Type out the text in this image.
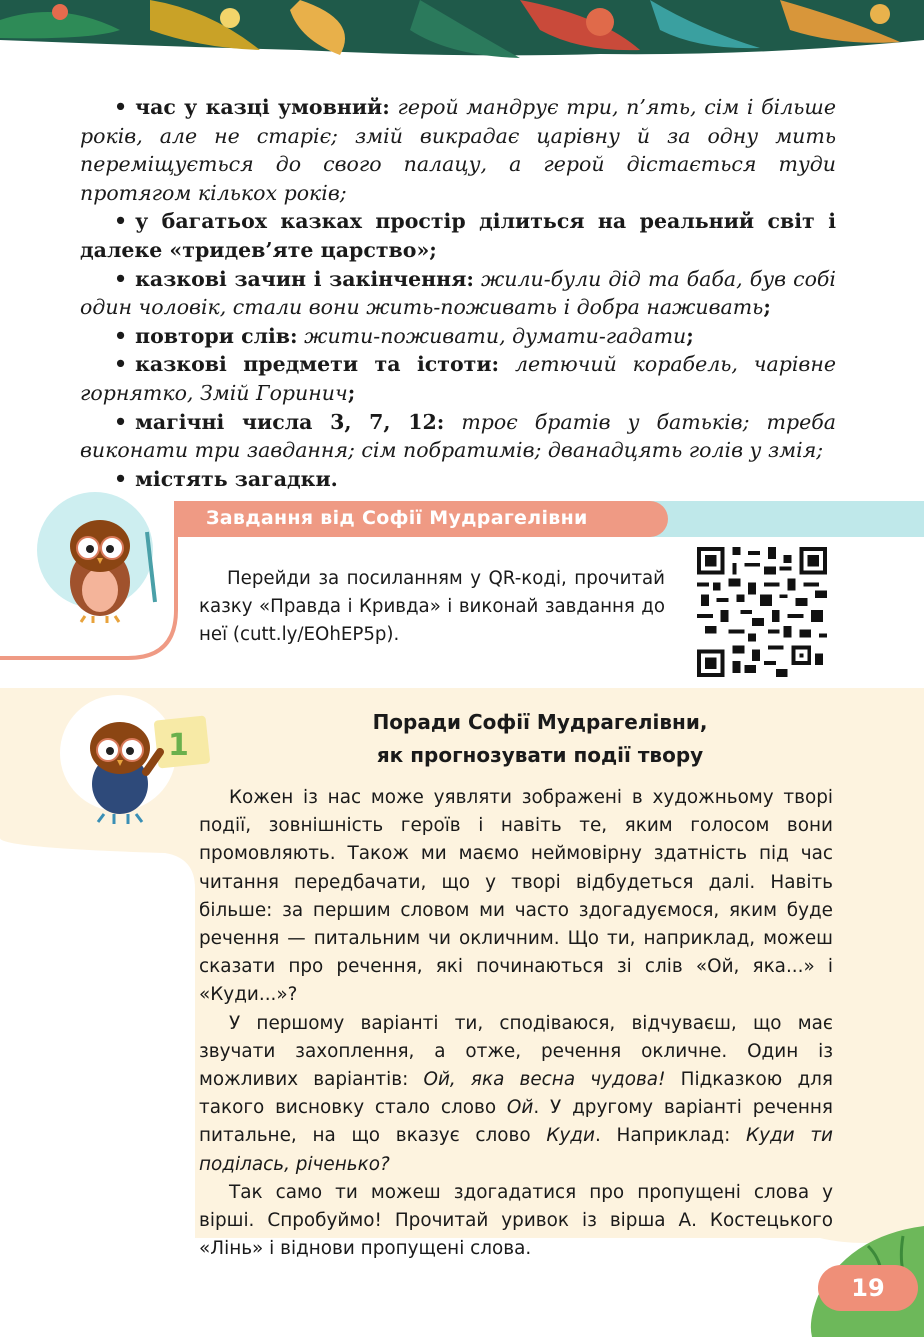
• час у казці умовний: герой мандрує три, п’ять, сім і більше років, але не старіє; змій викрадає царівну й за одну мить переміщується до свого палацу, а герой дістається туди протягом кількох років;

• у багатьох казках простір ділиться на реальний світ і далеке «тридев’яте царство»;

• казкові зачин і закінчення: жили-були дід та баба, був собі один чоловік, стали вони жить-поживать і добра наживать;

• повтори слів: жити-поживати, думати-гадати;

• казкові предмети та істоти: летючий корабель, чарівне горнятко, Змій Горинич;

• магічні числа 3, 7, 12: троє братів у батьків; треба виконати три завдання; сім побратимів; дванадцять голів у змія;

• містять загадки.

Завдання від Софії Мудрагелівни

Перейди за посиланням у QR-коді, прочитай казку «Правда і Кривда» і виконай завдання до неї (cutt.ly/EOhEP5p).

1
Поради Софії Мудрагелівни,
як прогнозувати події твору

Кожен із нас може уявляти зображені в художньому творі події, зовнішність героїв і навіть те, яким голосом вони промовляють. Також ми маємо неймовірну здатність під час читання передбачати, що у творі відбудеться далі. Навіть більше: за першим словом ми часто здогадуємося, яким буде речення — питальним чи окличним. Що ти, наприклад, можеш сказати про речення, які починаються зі слів «Ой, яка...» і «Куди...»?

У першому варіанті ти, сподіваюся, відчуваєш, що має звучати захоплення, а отже, речення окличне. Один із можливих варіантів: Ой, яка весна чудова! Підказкою для такого висновку стало слово Ой. У другому варіанті речення питальне, на що вказує слово Куди. Наприклад: Куди ти поділась, річенько?

Так само ти можеш здогадатися про пропущені слова у вірші. Спробуймо! Прочитай уривок із вірша А. Костецького «Лінь» і віднови пропущені слова.

19
